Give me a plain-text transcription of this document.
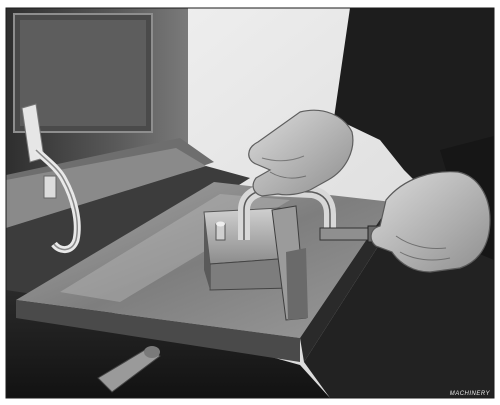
MACHINERY
